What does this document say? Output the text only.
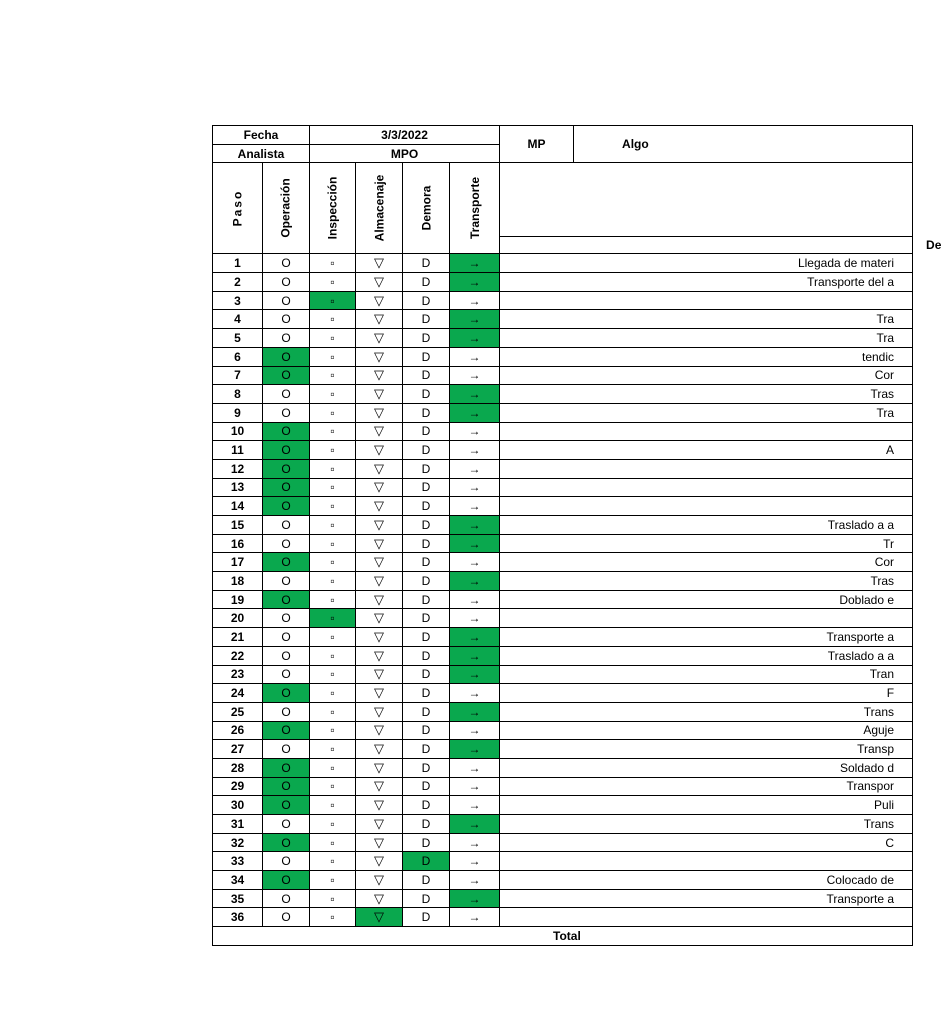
Fecha		3/3/2022				MP	Algo
Analista		MPO					

Paso	Operación	Inspección	Almacenaje	Demora	Transporte		

						De	
1	O	▫	▽	D	→	Llegada de materi	

2	O	▫	▽	D	→	Transporte del a	

3	O	▫	▽	D	→		

4	O	▫	▽	D	→	Tra	

5	O	▫	▽	D	→	Tra	

6	O	▫	▽	D	→	tendic	

7	O	▫	▽	D	→	Cor	

8	O	▫	▽	D	→	Tras	

9	O	▫	▽	D	→	Tra	

10	O	▫	▽	D	→		

11	O	▫	▽	D	→	A	

12	O	▫	▽	D	→		

13	O	▫	▽	D	→		

14	O	▫	▽	D	→		

15	O	▫	▽	D	→	Traslado a a	

16	O	▫	▽	D	→	Tr	

17	O	▫	▽	D	→	Cor	

18	O	▫	▽	D	→	Tras	

19	O	▫	▽	D	→	Doblado e	

20	O	▫	▽	D	→		

21	O	▫	▽	D	→	Transporte a	

22	O	▫	▽	D	→	Traslado a a	

23	O	▫	▽	D	→	Tran	

24	O	▫	▽	D	→	F	

25	O	▫	▽	D	→	Trans	

26	O	▫	▽	D	→	Aguje	

27	O	▫	▽	D	→	Transp	

28	O	▫	▽	D	→	Soldado d	

29	O	▫	▽	D	→	Transpor	

30	O	▫	▽	D	→	Puli	

31	O	▫	▽	D	→	Trans	

32	O	▫	▽	D	→	C	

33	O	▫	▽	D	→		

34	O	▫	▽	D	→	Colocado de	

35	O	▫	▽	D	→	Transporte a	

36	O	▫	▽	D	→		

Total							
